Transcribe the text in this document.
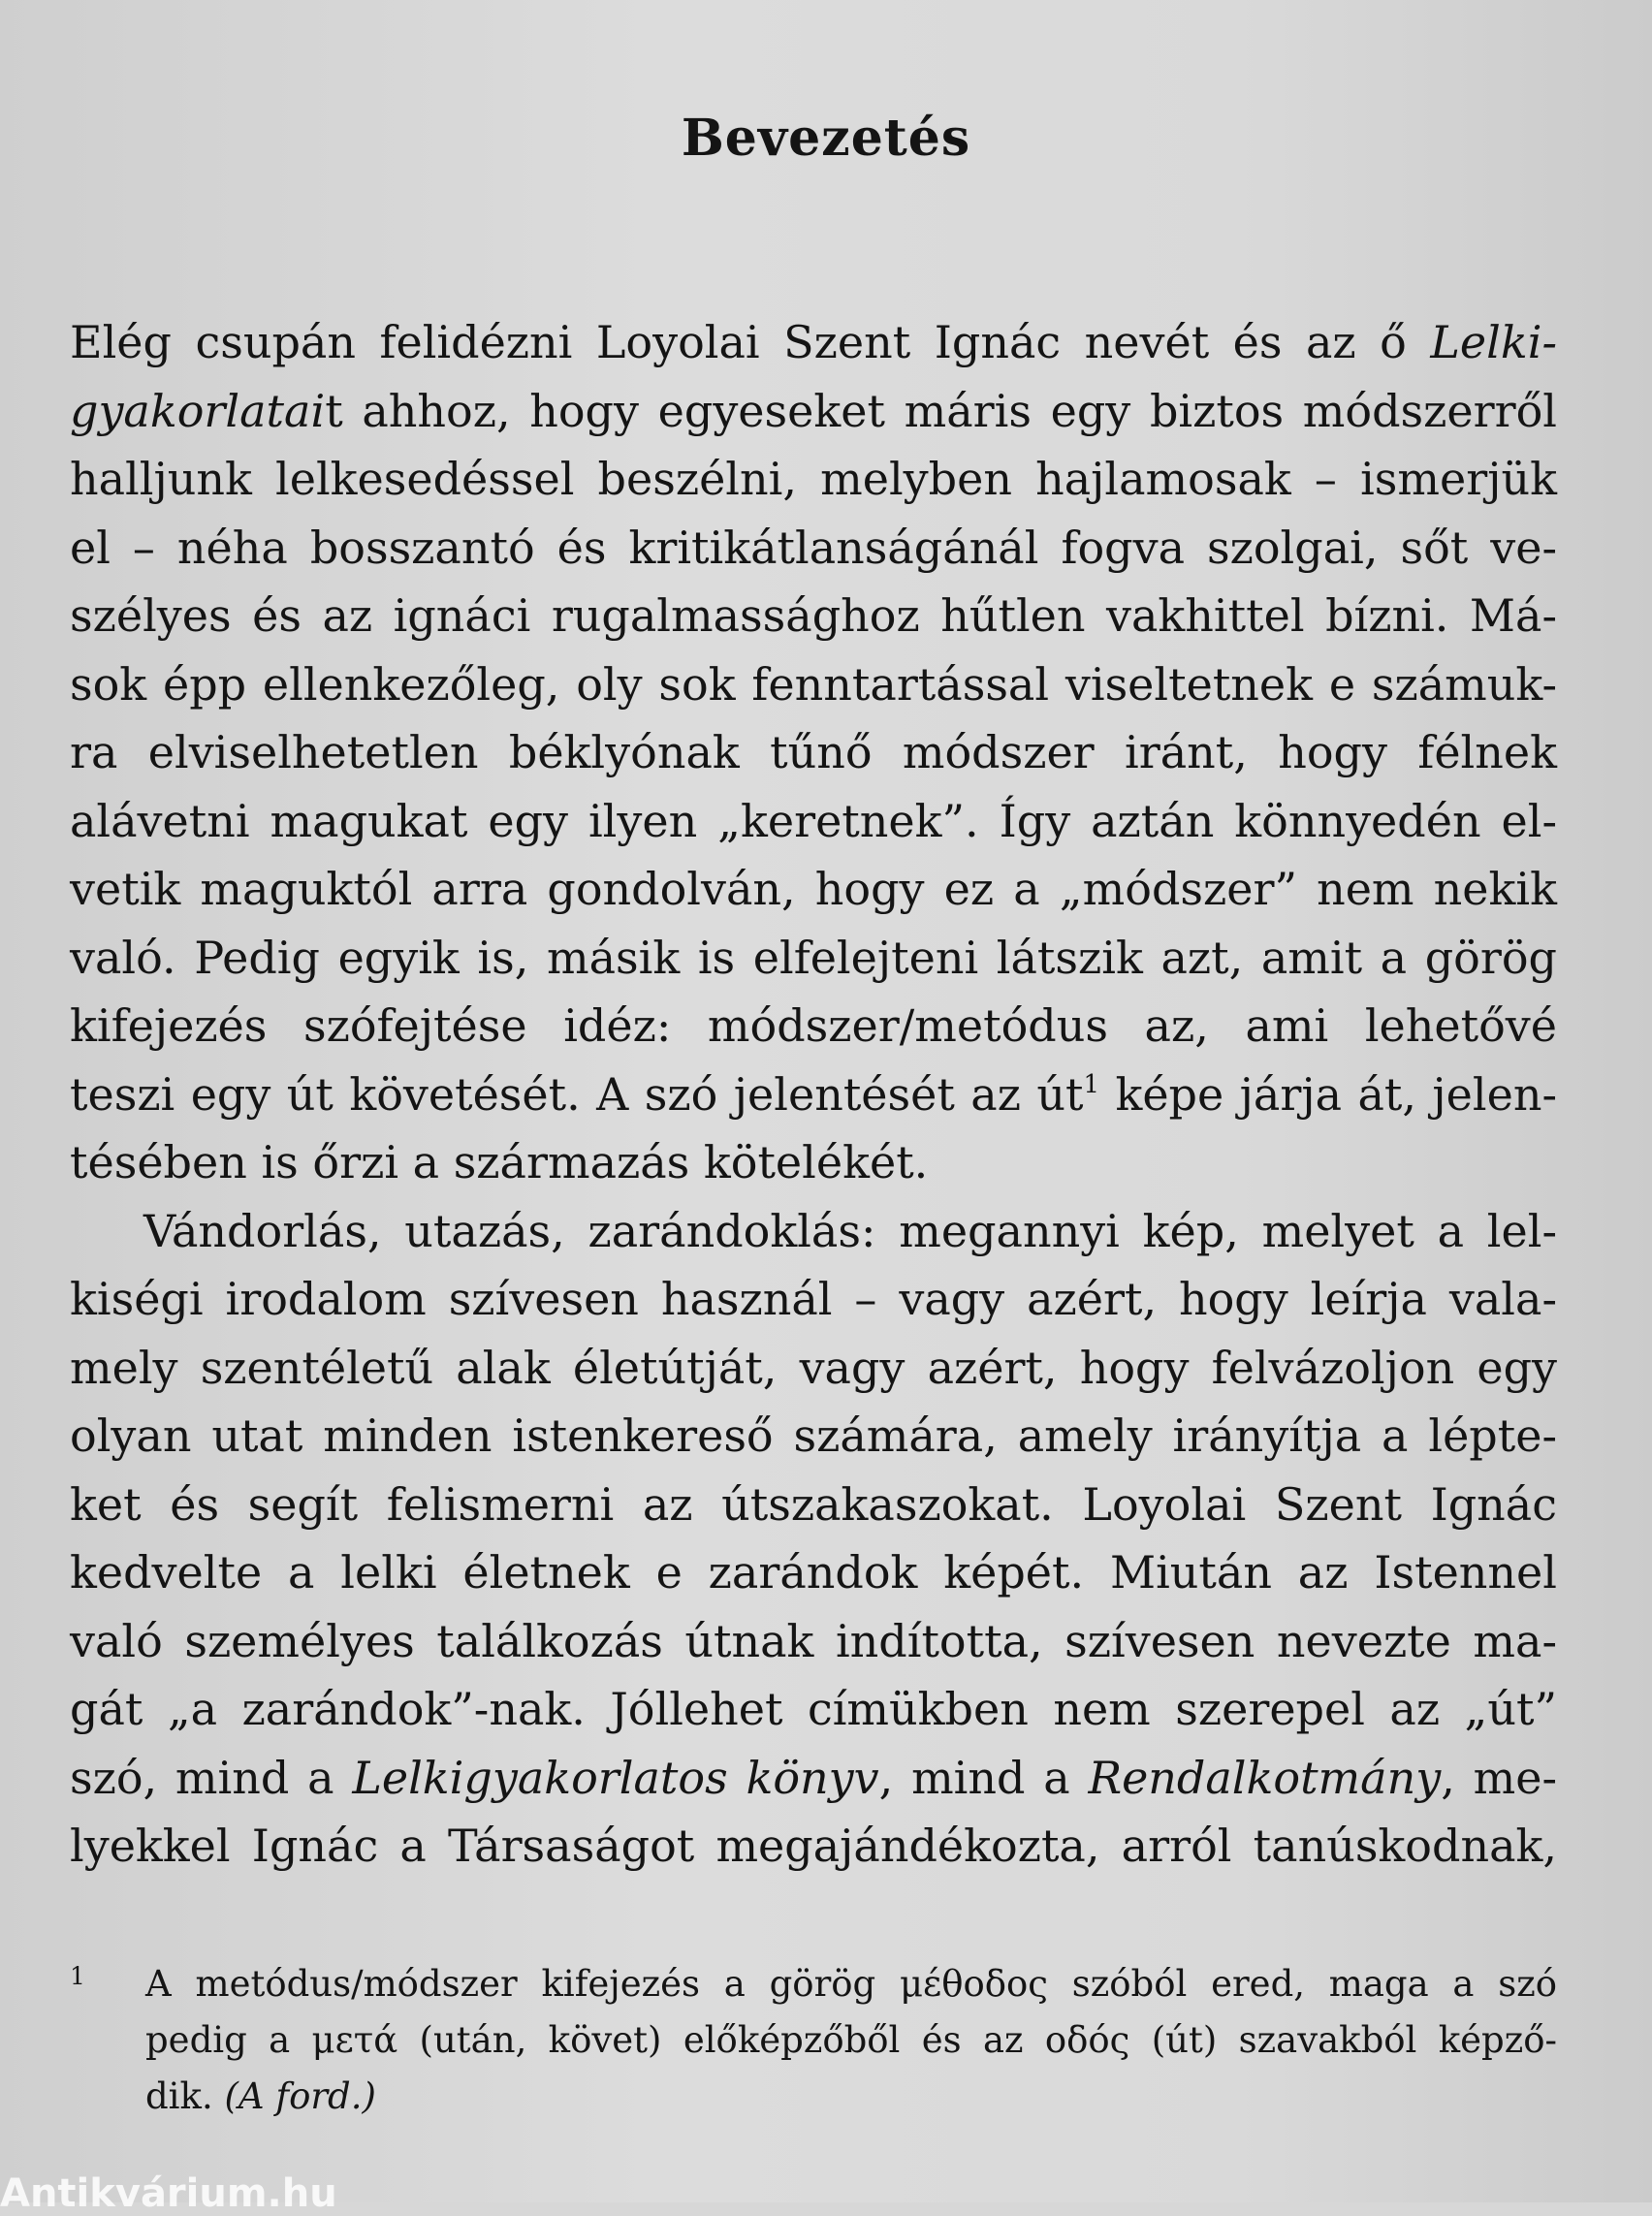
Bevezetés
Elég csupán felidézni Loyolai Szent Ignác nevét és az ő Lelki-
gyakorlatait ahhoz, hogy egyeseket máris egy biztos módszerről
halljunk lelkesedéssel beszélni, melyben hajlamosak – ismerjük
el – néha bosszantó és kritikátlanságánál fogva szolgai, sőt ve-
szélyes és az ignáci rugalmassághoz hűtlen vakhittel bízni. Má-
sok épp ellenkezőleg, oly sok fenntartással viseltetnek e számuk-
ra elviselhetetlen béklyónak tűnő módszer iránt, hogy félnek
alávetni magukat egy ilyen „keretnek”. Így aztán könnyedén el-
vetik maguktól arra gondolván, hogy ez a „módszer” nem nekik
való. Pedig egyik is, másik is elfelejteni látszik azt, amit a görög
kifejezés szófejtése idéz: módszer/metódus az, ami lehetővé
teszi egy út követését. A szó jelentését az út$^1$ képe járja át, jelen-
tésében is őrzi a származás kötelékét.
Vándorlás, utazás, zarándoklás: megannyi kép, melyet a lel-
kiségi irodalom szívesen használ – vagy azért, hogy leírja vala-
mely szentéletű alak életútját, vagy azért, hogy felvázoljon egy
olyan utat minden istenkereső számára, amely irányítja a lépte-
ket és segít felismerni az útszakaszokat. Loyolai Szent Ignác
kedvelte a lelki életnek e zarándok képét. Miután az Istennel
való személyes találkozás útnak indította, szívesen nevezte ma-
gát „a zarándok”-nak. Jóllehet címükben nem szerepel az „út”
szó, mind a Lelkigyakorlatos könyv, mind a Rendalkotmány, me-
lyekkel Ignác a Társaságot megajándékozta, arról tanúskodnak,
1 A metódus/módszer kifejezés a görög μέθοδος szóból ered, maga a szó
pedig a μετά (után, követ) előképzőből és az οδός (út) szavakból képző-
dik. (A ford.)
Antikvárium.hu
